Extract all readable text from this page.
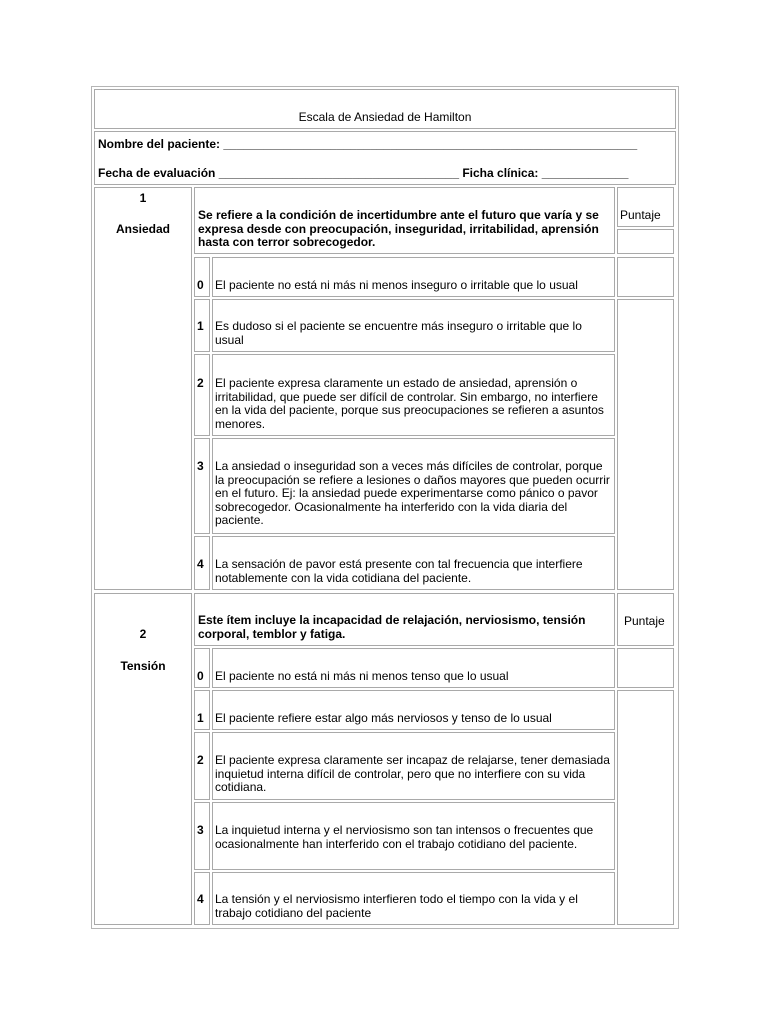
Escala de Ansiedad de Hamilton
Nombre del paciente: ______________________________________________________________
Fecha de evaluación ____________________________________ Ficha clínica: _____________
1
Ansiedad
Se refiere a la condición de incertidumbre ante el futuro que varía y se expresa desde con preocupación, inseguridad, irritabilidad, aprensión hasta con terror sobrecogedor.
Puntaje
0 El paciente no está ni más ni menos inseguro o irritable que lo usual
1 Es dudoso si el paciente se encuentre más inseguro o irritable que lo usual
2 El paciente expresa claramente un estado de ansiedad, aprensión o irritabilidad, que puede ser difícil de controlar. Sin embargo, no interfiere en la vida del paciente, porque sus preocupaciones se refieren a asuntos menores.
3 La ansiedad o inseguridad son a veces más difíciles de controlar, porque la preocupación se refiere a lesiones o daños mayores que pueden ocurrir en el futuro. Ej: la ansiedad puede experimentarse como pánico o pavor sobrecogedor. Ocasionalmente ha interferido con la vida diaria del paciente.
4 La sensación de pavor está presente con tal frecuencia que interfiere notablemente con la vida cotidiana del paciente.
2
Tensión
Este ítem incluye la incapacidad de relajación, nerviosismo, tensión corporal, temblor y fatiga.
Puntaje
0 El paciente no está ni más ni menos tenso que lo usual
1 El paciente refiere estar algo más nerviosos y tenso de lo usual
2 El paciente expresa claramente ser incapaz de relajarse, tener demasiada inquietud interna difícil de controlar, pero que no interfiere con su vida cotidiana.
3 La inquietud interna y el nerviosismo son tan intensos o frecuentes que ocasionalmente han interferido con el trabajo cotidiano del paciente.
4 La tensión y el nerviosismo interfieren todo el tiempo con la vida y el trabajo cotidiano del paciente
